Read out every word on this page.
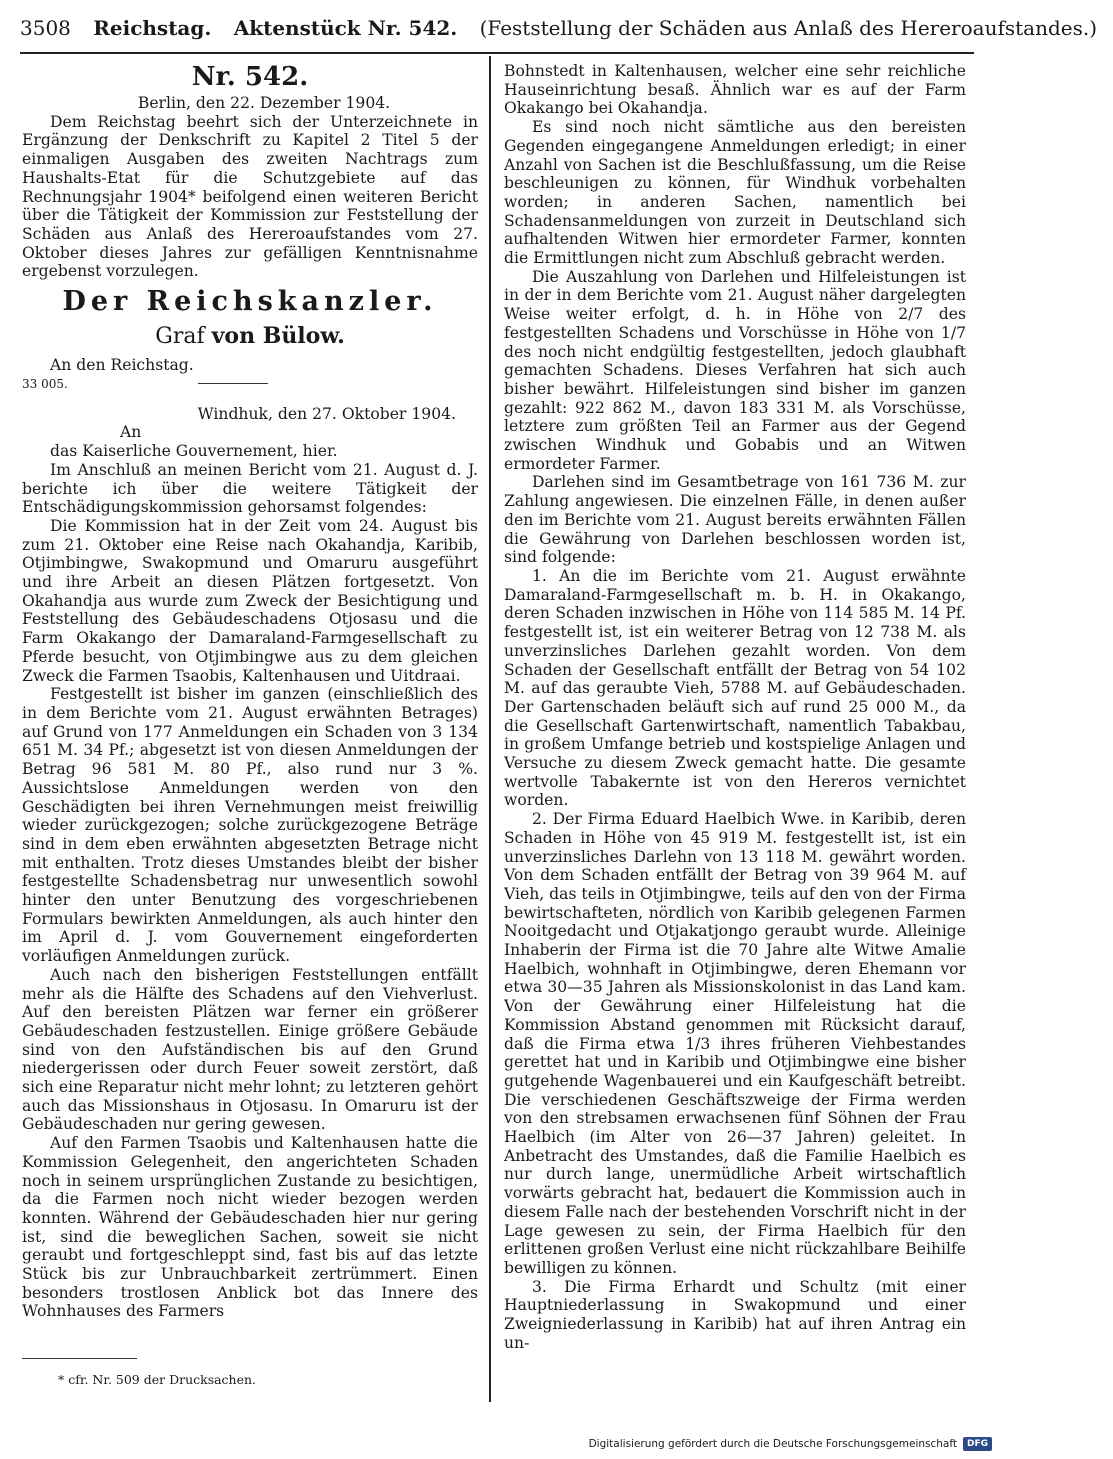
3508 Reichstag. Aktenstück Nr. 542. (Feststellung der Schäden aus Anlaß des Hereroaufstandes.)
Nr. 542.

Berlin, den 22. Dezember 1904.

Dem Reichstag beehrt sich der Unterzeichnete in Ergänzung der Denkschrift zu Kapitel 2 Titel 5 der einmaligen Ausgaben des zweiten Nachtrags zum Haushalts-Etat für die Schutzgebiete auf das Rechnungsjahr 1904* beifolgend einen weiteren Bericht über die Tätigkeit der Kommission zur Feststellung der Schäden aus Anlaß des Hereroaufstandes vom 27. Oktober dieses Jahres zur gefälligen Kenntnisnahme ergebenst vorzulegen.

Der Reichskanzler.
Graf von Bülow.

An den Reichstag.

33 005.

Windhuk, den 27. Oktober 1904.

An

das Kaiserliche Gouvernement, hier.

Im Anschluß an meinen Bericht vom 21. August d. J. berichte ich über die weitere Tätigkeit der Entschädigungskommission gehorsamst folgendes:

Die Kommission hat in der Zeit vom 24. August bis zum 21. Oktober eine Reise nach Okahandja, Karibib, Otjimbingwe, Swakopmund und Omaruru ausgeführt und ihre Arbeit an diesen Plätzen fortgesetzt. Von Okahandja aus wurde zum Zweck der Besichtigung und Feststellung des Gebäudeschadens Otjosasu und die Farm Okakango der Damaraland-Farmgesellschaft zu Pferde besucht, von Otjimbingwe aus zu dem gleichen Zweck die Farmen Tsaobis, Kaltenhausen und Uitdraai.

Festgestellt ist bisher im ganzen (einschließlich des in dem Berichte vom 21. August erwähnten Betrages) auf Grund von 177 Anmeldungen ein Schaden von 3 134 651 M. 34 Pf.; abgesetzt ist von diesen Anmeldungen der Betrag 96 581 M. 80 Pf., also rund nur 3 %. Aussichtslose Anmeldungen werden von den Geschädigten bei ihren Vernehmungen meist freiwillig wieder zurückgezogen; solche zurückgezogene Beträge sind in dem eben erwähnten abgesetzten Betrage nicht mit enthalten. Trotz dieses Umstandes bleibt der bisher festgestellte Schadensbetrag nur unwesentlich sowohl hinter den unter Benutzung des vorgeschriebenen Formulars bewirkten Anmeldungen, als auch hinter den im April d. J. vom Gouvernement eingeforderten vorläufigen Anmeldungen zurück.

Auch nach den bisherigen Feststellungen entfällt mehr als die Hälfte des Schadens auf den Viehverlust. Auf den bereisten Plätzen war ferner ein größerer Gebäudeschaden festzustellen. Einige größere Gebäude sind von den Aufständischen bis auf den Grund niedergerissen oder durch Feuer soweit zerstört, daß sich eine Reparatur nicht mehr lohnt; zu letzteren gehört auch das Missionshaus in Otjosasu. In Omaruru ist der Gebäudeschaden nur gering gewesen.

Auf den Farmen Tsaobis und Kaltenhausen hatte die Kommission Gelegenheit, den angerichteten Schaden noch in seinem ursprünglichen Zustande zu besichtigen, da die Farmen noch nicht wieder bezogen werden konnten. Während der Gebäudeschaden hier nur gering ist, sind die beweglichen Sachen, soweit sie nicht geraubt und fortgeschleppt sind, fast bis auf das letzte Stück bis zur Unbrauchbarkeit zertrümmert. Einen besonders trostlosen Anblick bot das Innere des Wohnhauses des Farmers

Bohnstedt in Kaltenhausen, welcher eine sehr reichliche Hauseinrichtung besaß. Ähnlich war es auf der Farm Okakango bei Okahandja.

Es sind noch nicht sämtliche aus den bereisten Gegenden eingegangene Anmeldungen erledigt; in einer Anzahl von Sachen ist die Beschlußfassung, um die Reise beschleunigen zu können, für Windhuk vorbehalten worden; in anderen Sachen, namentlich bei Schadensanmeldungen von zurzeit in Deutschland sich aufhaltenden Witwen hier ermordeter Farmer, konnten die Ermittlungen nicht zum Abschluß gebracht werden.

Die Auszahlung von Darlehen und Hilfeleistungen ist in der in dem Berichte vom 21. August näher dargelegten Weise weiter erfolgt, d. h. in Höhe von 2/7 des festgestellten Schadens und Vorschüsse in Höhe von 1/7 des noch nicht endgültig festgestellten, jedoch glaubhaft gemachten Schadens. Dieses Verfahren hat sich auch bisher bewährt. Hilfeleistungen sind bisher im ganzen gezahlt: 922 862 M., davon 183 331 M. als Vorschüsse, letztere zum größten Teil an Farmer aus der Gegend zwischen Windhuk und Gobabis und an Witwen ermordeter Farmer.

Darlehen sind im Gesamtbetrage von 161 736 M. zur Zahlung angewiesen. Die einzelnen Fälle, in denen außer den im Berichte vom 21. August bereits erwähnten Fällen die Gewährung von Darlehen beschlossen worden ist, sind folgende:

1. An die im Berichte vom 21. August erwähnte Damaraland-Farmgesellschaft m. b. H. in Okakango, deren Schaden inzwischen in Höhe von 114 585 M. 14 Pf. festgestellt ist, ist ein weiterer Betrag von 12 738 M. als unverzinsliches Darlehen gezahlt worden. Von dem Schaden der Gesellschaft entfällt der Betrag von 54 102 M. auf das geraubte Vieh, 5788 M. auf Gebäudeschaden. Der Gartenschaden beläuft sich auf rund 25 000 M., da die Gesellschaft Gartenwirtschaft, namentlich Tabakbau, in großem Umfange betrieb und kostspielige Anlagen und Versuche zu diesem Zweck gemacht hatte. Die gesamte wertvolle Tabakernte ist von den Hereros vernichtet worden.

2. Der Firma Eduard Haelbich Wwe. in Karibib, deren Schaden in Höhe von 45 919 M. festgestellt ist, ist ein unverzinsliches Darlehn von 13 118 M. gewährt worden. Von dem Schaden entfällt der Betrag von 39 964 M. auf Vieh, das teils in Otjimbingwe, teils auf den von der Firma bewirtschafteten, nördlich von Karibib gelegenen Farmen Nooitgedacht und Otjakatjongo geraubt wurde. Alleinige Inhaberin der Firma ist die 70 Jahre alte Witwe Amalie Haelbich, wohnhaft in Otjimbingwe, deren Ehemann vor etwa 30—35 Jahren als Missionskolonist in das Land kam. Von der Gewährung einer Hilfeleistung hat die Kommission Abstand genommen mit Rücksicht darauf, daß die Firma etwa 1/3 ihres früheren Viehbestandes gerettet hat und in Karibib und Otjimbingwe eine bisher gutgehende Wagenbauerei und ein Kaufgeschäft betreibt. Die verschiedenen Geschäftszweige der Firma werden von den strebsamen erwachsenen fünf Söhnen der Frau Haelbich (im Alter von 26—37 Jahren) geleitet. In Anbetracht des Umstandes, daß die Familie Haelbich es nur durch lange, unermüdliche Arbeit wirtschaftlich vorwärts gebracht hat, bedauert die Kommission auch in diesem Falle nach der bestehenden Vorschrift nicht in der Lage gewesen zu sein, der Firma Haelbich für den erlittenen großen Verlust eine nicht rückzahlbare Beihilfe bewilligen zu können.

3. Die Firma Erhardt und Schultz (mit einer Hauptniederlassung in Swakopmund und einer Zweigniederlassung in Karibib) hat auf ihren Antrag ein un-

* cfr. Nr. 509 der Drucksachen.
Digitalisierung gefördert durch die Deutsche Forschungsgemeinschaft	DFG
